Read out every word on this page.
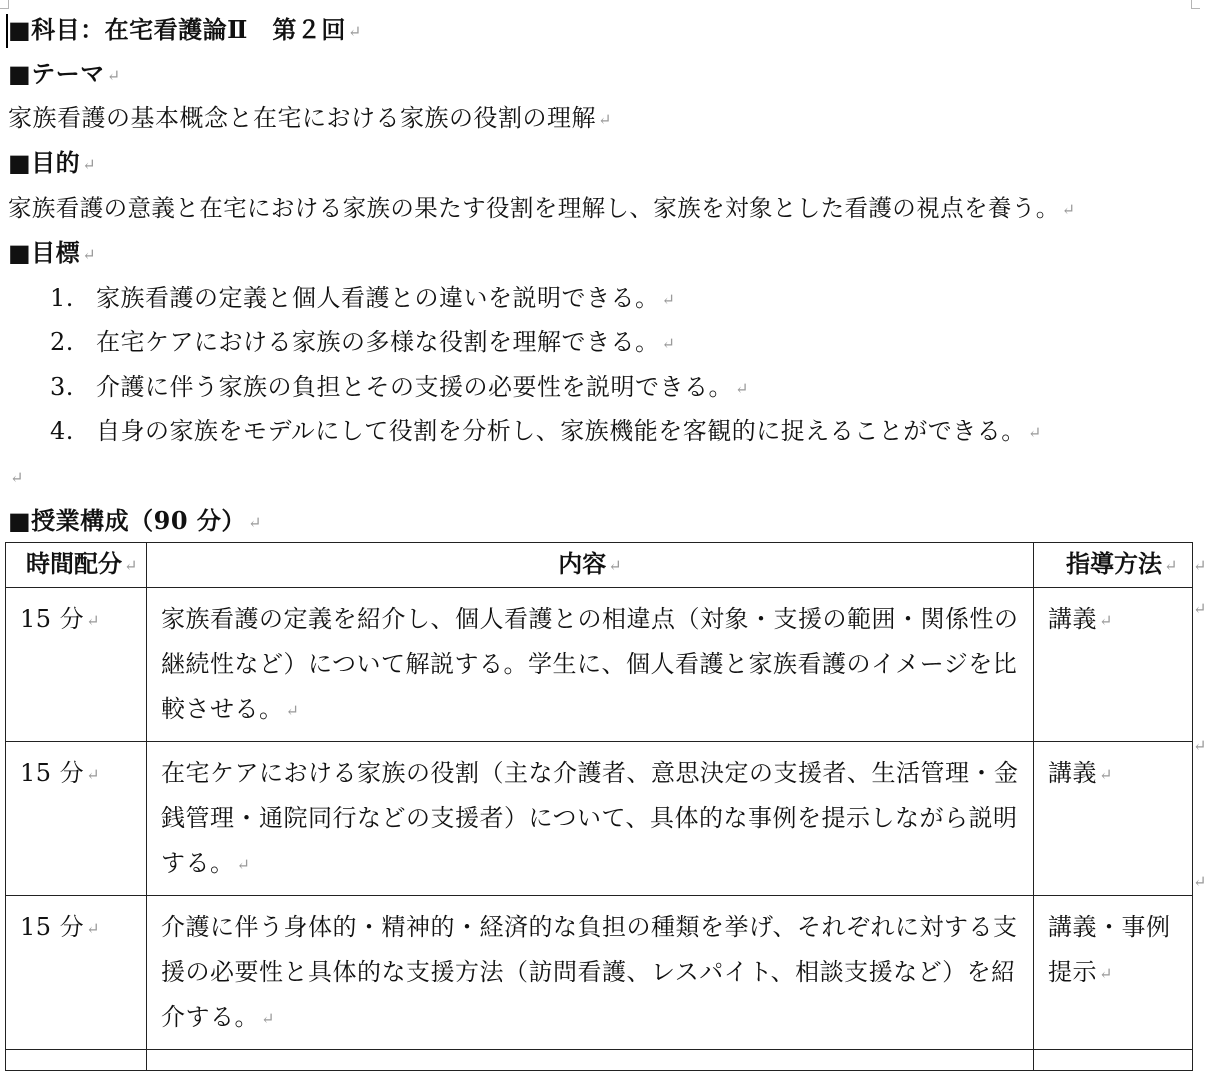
■科目：在宅看護論Ⅱ　第２回 ↵
■テーマ ↵
家族看護の基本概念と在宅における家族の役割の理解 ↵
■目的 ↵
家族看護の意義と在宅における家族の果たす役割を理解し、家族を対象とした看護の視点を養う。 ↵
■目標 ↵
1. 家族看護の定義と個人看護との違いを説明できる。 ↵
2. 在宅ケアにおける家族の多様な役割を理解できる。 ↵
3. 介護に伴う家族の負担とその支援の必要性を説明できる。 ↵
4. 自身の家族をモデルにして役割を分析し、家族機能を客観的に捉えることができる。 ↵
↵
■授業構成（90 分） ↵
時間配分 ↵	内容 ↵	指導方法 ↵

15 分 ↵	家族看護の定義を紹介し、個人看護との相違点（対象・支援の範囲・関係性の継続性など）について解説する。学生に、個人看護と家族看護のイメージを比較させる。 ↵	講義 ↵

15 分 ↵	在宅ケアにおける家族の役割（主な介護者、意思決定の支援者、生活管理・金銭管理・通院同行などの支援者）について、具体的な事例を提示しながら説明する。 ↵	講義 ↵

15 分 ↵	介護に伴う身体的・精神的・経済的な負担の種類を挙げ、それぞれに対する支援の必要性と具体的な支援方法（訪問看護、レスパイト、相談支援など）を紹介する。 ↵	講義・事例提示 ↵

↵
↵
↵
↵
